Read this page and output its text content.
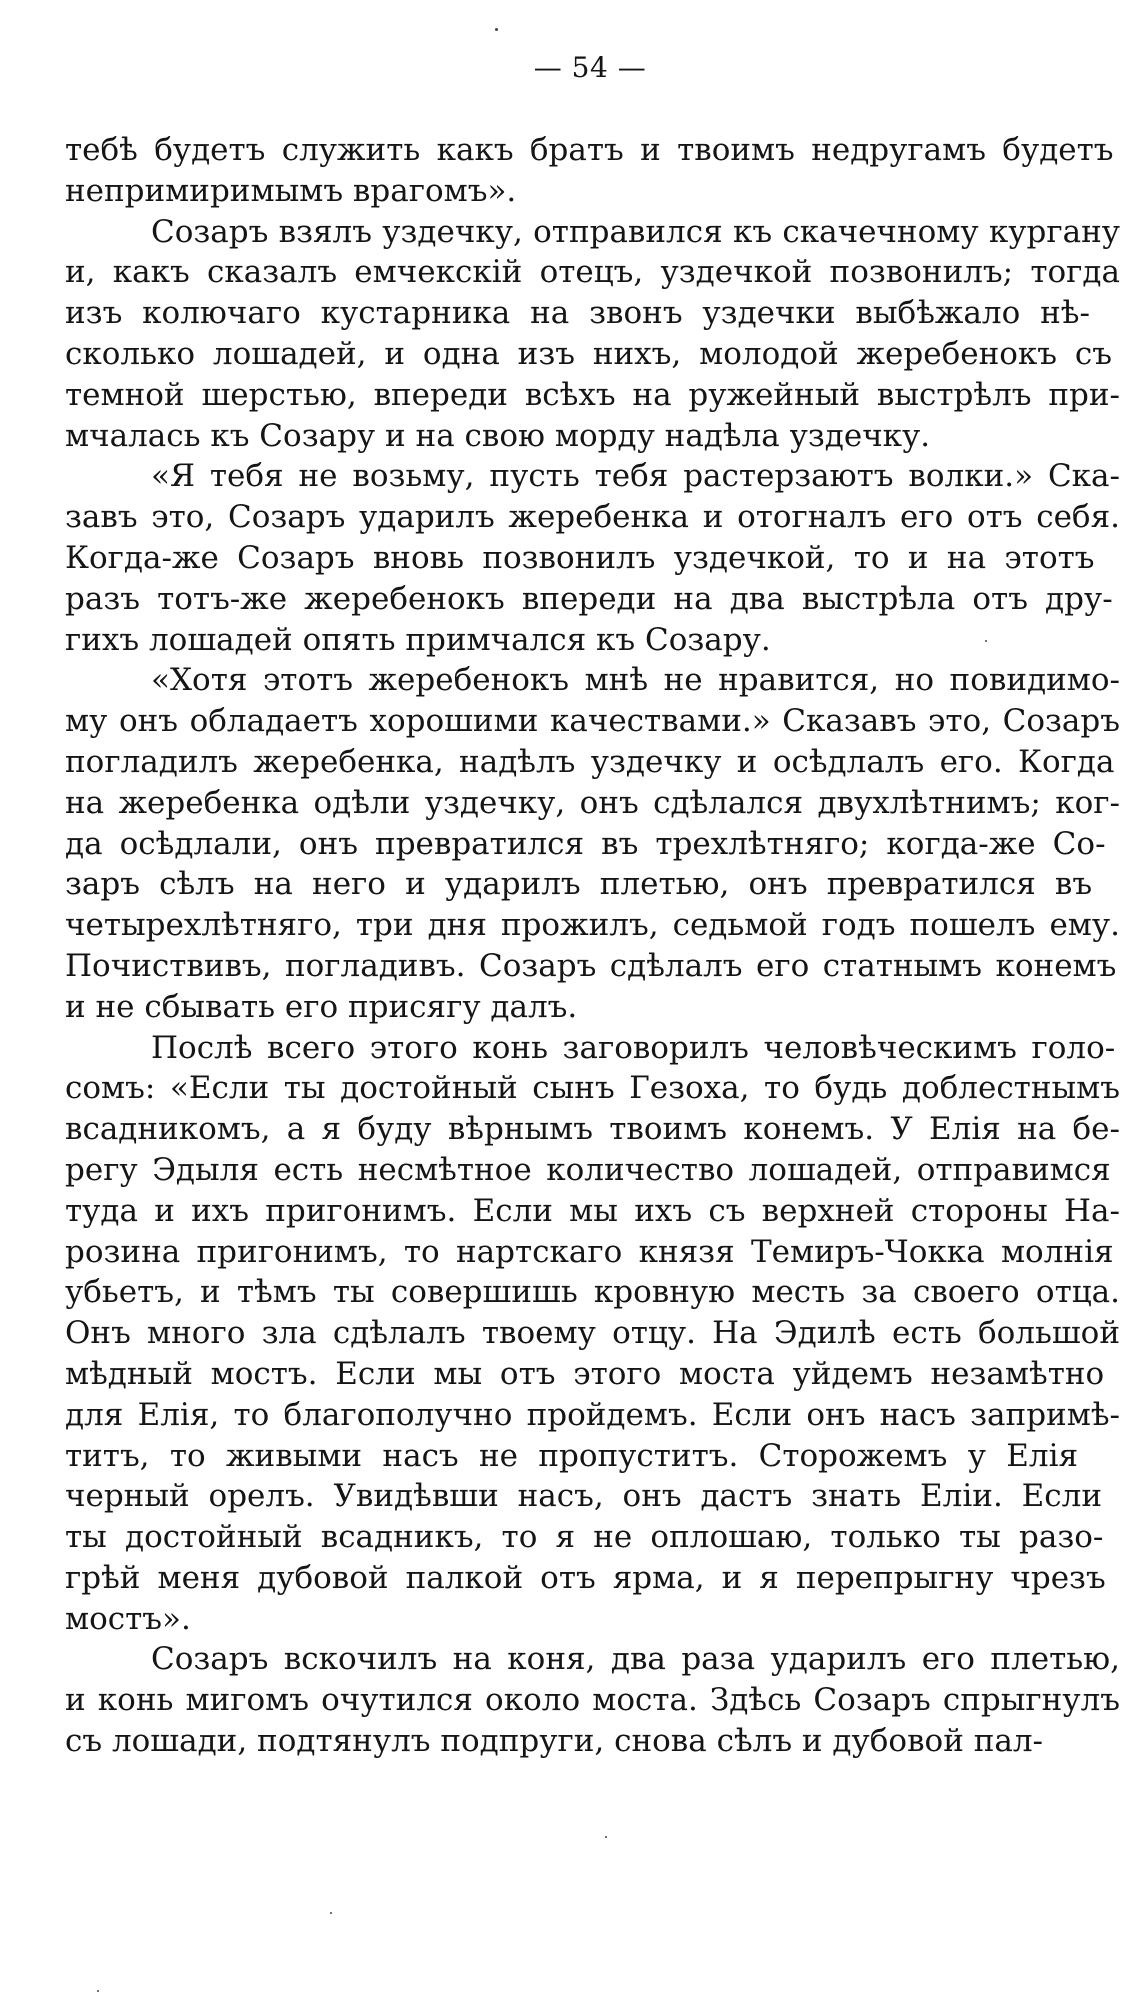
— 54 —
тебѣ будетъ служить какъ братъ и твоимъ недругамъ будетъ
непримиримымъ врагомъ».
Созаръ взялъ уздечку, отправился къ скачечному кургану
и, какъ сказалъ емчекскій отецъ, уздечкой позвонилъ; тогда
изъ колючаго кустарника на звонъ уздечки выбѣжало нѣ-
сколько лошадей, и одна изъ нихъ, молодой жеребенокъ съ
темной шерстью, впереди всѣхъ на ружейный выстрѣлъ при-
мчалась къ Созару и на свою морду надѣла уздечку.
«Я тебя не возьму, пусть тебя растерзаютъ волки.» Ска-
завъ это, Созаръ ударилъ жеребенка и отогналъ его отъ себя.
Когда-же Созаръ вновь позвонилъ уздечкой, то и на этотъ
разъ тотъ-же жеребенокъ впереди на два выстрѣла отъ дру-
гихъ лошадей опять примчался къ Созару.
«Хотя этотъ жеребенокъ мнѣ не нравится, но повидимо-
му онъ обладаетъ хорошими качествами.» Сказавъ это, Созаръ
погладилъ жеребенка, надѣлъ уздечку и осѣдлалъ его. Когда
на жеребенка одѣли уздечку, онъ сдѣлался двухлѣтнимъ; ког-
да осѣдлали, онъ превратился въ трехлѣтняго; когда-же Со-
заръ сѣлъ на него и ударилъ плетью, онъ превратился въ
четырехлѣтняго, три дня прожилъ, седьмой годъ пошелъ ему.
Почиствивъ, погладивъ. Созаръ сдѣлалъ его статнымъ конемъ
и не сбывать его присягу далъ.
Послѣ всего этого конь заговорилъ человѣческимъ голо-
сомъ: «Если ты достойный сынъ Гезоха, то будь доблестнымъ
всадникомъ, а я буду вѣрнымъ твоимъ конемъ. У Елія на бе-
регу Эдыля есть несмѣтное количество лошадей, отправимся
туда и ихъ пригонимъ. Если мы ихъ съ верхней стороны На-
розина пригонимъ, то нартскаго князя Темиръ-Чокка молнія
убьетъ, и тѣмъ ты совершишь кровную месть за своего отца.
Онъ много зла сдѣлалъ твоему отцу. На Эдилѣ есть большой
мѣдный мостъ. Если мы отъ этого моста уйдемъ незамѣтно
для Елія, то благополучно пройдемъ. Если онъ насъ запримѣ-
титъ, то живыми насъ не пропуститъ. Сторожемъ у Елія
черный орелъ. Увидѣвши насъ, онъ дастъ знать Еліи. Если
ты достойный всадникъ, то я не оплошаю, только ты разо-
грѣй меня дубовой палкой отъ ярма, и я перепрыгну чрезъ
мостъ».
Созаръ вскочилъ на коня, два раза ударилъ его плетью,
и конь мигомъ очутился около моста. Здѣсь Созаръ спрыгнулъ
съ лошади, подтянулъ подпруги, снова сѣлъ и дубовой пал-
